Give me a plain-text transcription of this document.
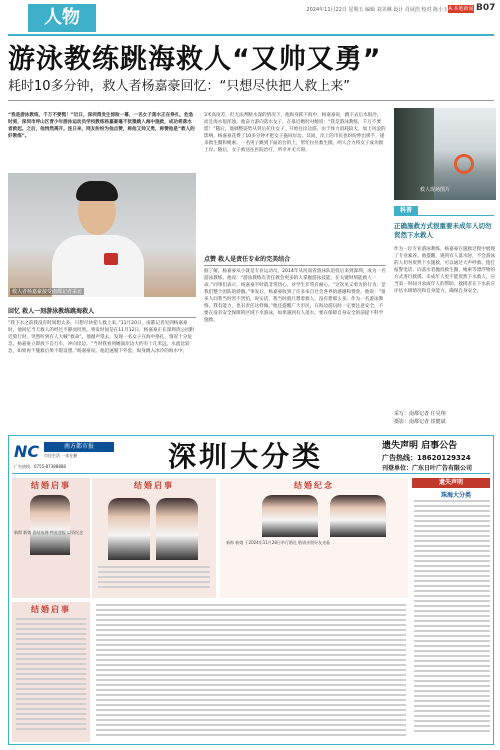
人物	2024年11月22日 星期五 编辑 刘美琳 设计 肖展浩 校对 陈小玉 A.本地新闻 B07
游泳教练跳海救人“又帅又勇”
耗时10多分钟，救人者杨嘉豪回忆：“只想尽快把人救上来”
“我是游泳教练，千万不要慌！”近日，深圳湾发生惊险一幕，一名女子落水正在挣扎，危急时刻，深圳市坪山区青少年游泳运动员学校教练杨嘉豪毫不犹豫跳入海中施救，成功将落水者救起。之后，他悄然离开。连日来，网友纷纷为他点赞，称他又帅又勇，称赞他是“救人的好教练”。
救人者杨嘉豪接受南都记者采访
回忆 救人一刻游泳教练跳海救人
“我下水之前我没有时间想太多，只想尽快把人救上来。”11月20日，南都记者见到杨嘉豪时，他回忆当天救人的经过平静而坦然。事发时间是在11月12日，杨嘉豪正在深圳湾公园附近骑行时，突然听到有人大喊“救命”，他循声望去，发现一名女子在海中挣扎，情况十分危急。杨嘉豪立即放下自行车，冲向岸边。“当时我看到她离岸边大约有十几米远，水流比较急，如果再不施救后果不堪设想。”杨嘉豪说。他迅速脱下外套，纵身跳入冰冷的海水中。
3米高度差，但无法判断水深的情况下，他纵身跃下海中。杨嘉豪说，跳下去后水很冷，而且海水很浑浊。他奋力游向落水女子，在靠近她时对她说：“我是游泳教练，千万不要慌！”随后，他调整姿势从背后托住女子，开始往岸边游。由于体力消耗较大，加上风浪的影响，杨嘉豪花费了10多分钟才把女子拖回岸边。其间，岸上的市民也纷纷伸出援手，递来救生圈和绳索。一名男子跳到下面的台阶上，帮忙拉住救生圈，两人合力将女子成功救上岸。随后，女子被送往医院治疗，所幸并无大碍。
点赞 救人是责任专业的完美结合
据了解，杨嘉豪从小就是专业运动员，2014年从河南省游泳队退役后来到深圳，成为一名游泳教练。他说：“游泳教练有责任教会更多的人掌握游泳技能，在关键时刻能救人一命。”同事们表示，杨嘉豪平时就非常热心，对学生非常有耐心。“这次见义勇为的行为，是我们整个团队的骄傲。”事发后，杨嘉豪收到了许多来自社会各界的感谢和赞誉。他说：“很多人问我当时害不害怕，说实话，我当时就只想着救人，没有想那么多。作为一名游泳教练，我有能力，也有责任这样做。”他还提醒广大市民，在海边游玩时一定要注意安全，不要在没有安全保障的区域下水游泳，如果遇到有人落水，要在保障自身安全的前提下科学施救。
救人现场图片
科普
正确施救方式很重要未成年人切勿贸然下水救人
作为一位专业游泳教练，杨嘉豪在施救过程中展现了专业素养。他提醒，遇到有人落水时，不会游泳的人切勿贸然下水施救，可以通过大声呼救、拨打报警电话、向落水者抛投救生圈、绳索等漂浮物的方式进行救援。未成年人更不能贸然下水救人，应当第一时间寻求成年人的帮助。救援者在下水前应评估水域情况和自身能力，确保自身安全。
采写：南都记者 任昊翔
摄影：南都记者 崔健斌
NC	南方都市报
市民生活 一本在握
广告热线：0755-87388888	深圳大分类	遗失声明 启事公告
广告热线：18620129324
刊登单位：广东日叶广告有限公司
结婚启事
新郎 新娘 喜结连理 特此登报 以资纪念
结婚启事	结婚纪念
新郎 新娘 于2024年11月28日举行婚礼 敬请亲朋好友光临
遗失声明
珠海大分类
结婚启事
